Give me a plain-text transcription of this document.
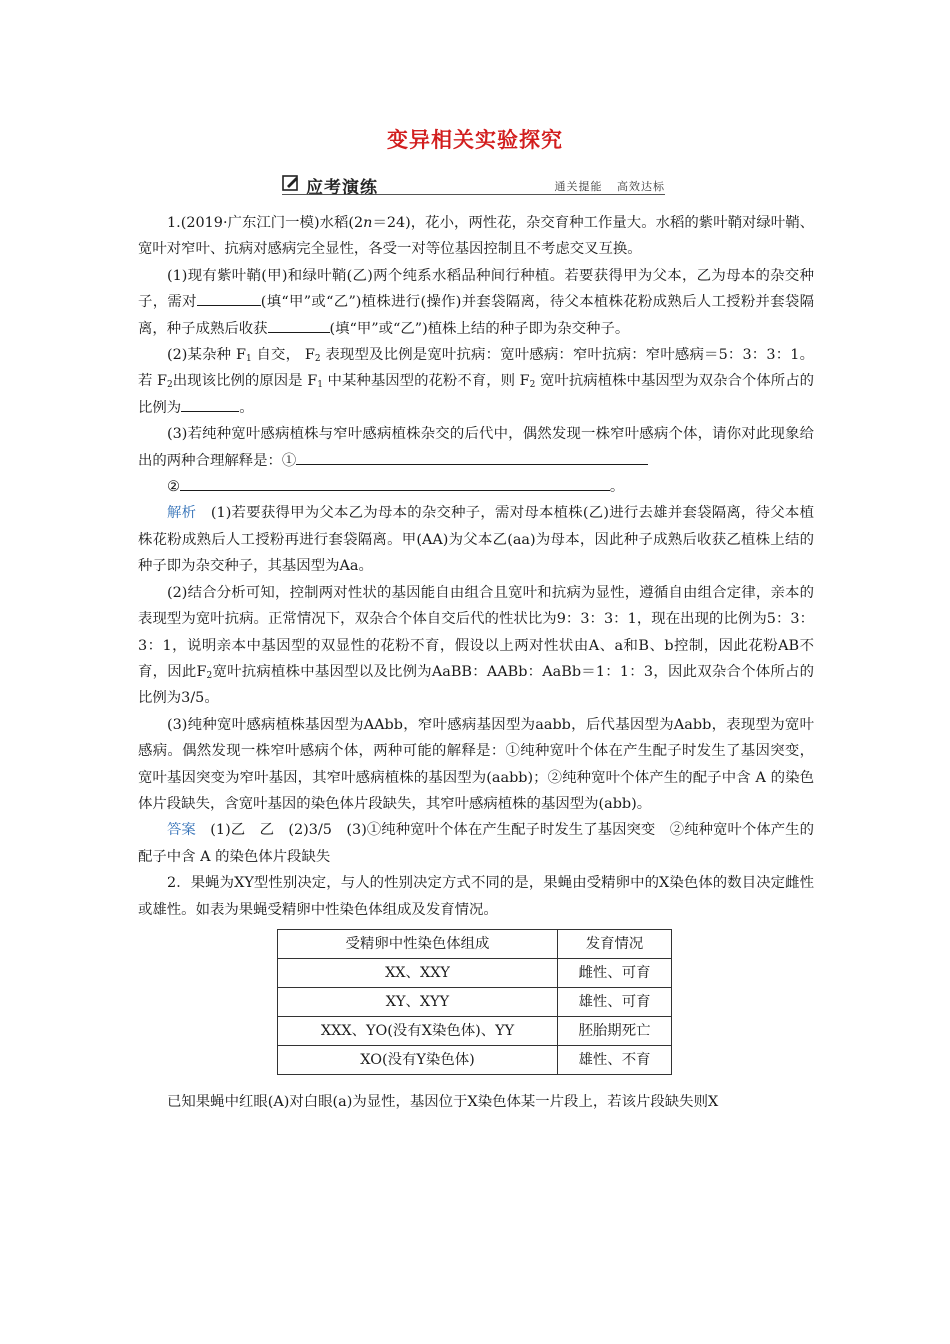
变异相关实验探究
应考演练	通关提能 高效达标

1.(2019·广东江门一模)水稻(2n＝24)，花小，两性花，杂交育种工作量大。水稻的紫叶鞘对绿叶鞘、宽叶对窄叶、抗病对感病完全显性，各受一对等位基因控制且不考虑交叉互换。

(1)现有紫叶鞘(甲)和绿叶鞘(乙)两个纯系水稻品种间行种植。若要获得甲为父本，乙为母本的杂交种子，需对	(填“甲”或“乙”)植株进行(操作)并套袋隔离，待父本植株花粉成熟后人工授粉并套袋隔离，种子成熟后收获	(填“甲”或“乙”)植株上结的种子即为杂交种子。

(2)某杂种 $F_1$ 自交， $F_2$ 表现型及比例是宽叶抗病：宽叶感病：窄叶抗病：窄叶感病＝5：3：3：1。若 $F_2$出现该比例的原因是 $F_1$ 中某种基因型的花粉不育，则 $F_2$ 宽叶抗病植株中基因型为双杂合个体所占的比例为	。

(3)若纯种宽叶感病植株与窄叶感病植株杂交的后代中，偶然发现一株窄叶感病个体，请你对此现象给出的两种合理解释是：①

②	。

解析　 (1)若要获得甲为父本乙为母本的杂交种子，需对母本植株(乙)进行去雄并套袋隔离，待父本植株花粉成熟后人工授粉再进行套袋隔离。甲(AA)为父本乙(aa)为母本，因此种子成熟后收获乙植株上结的种子即为杂交种子，其基因型为Aa。

(2)结合分析可知，控制两对性状的基因能自由组合且宽叶和抗病为显性，遵循自由组合定律，亲本的表现型为宽叶抗病。正常情况下，双杂合个体自交后代的性状比为9：3：3：1，现在出现的比例为5：3：3：1，说明亲本中基因型的双显性的花粉不育，假设以上两对性状由A、a和B、b控制，因此花粉AB不育，因此$F_2$宽叶抗病植株中基因型以及比例为AaBB：AABb：AaBb＝1：1：3，因此双杂合个体所占的比例为3/5。

(3)纯种宽叶感病植株基因型为AAbb，窄叶感病基因型为aabb，后代基因型为Aabb，表现型为宽叶感病。偶然发现一株窄叶感病个体，两种可能的解释是：①纯种宽叶个体在产生配子时发生了基因突变，宽叶基因突变为窄叶基因，其窄叶感病植株的基因型为(aabb)；②纯种宽叶个体产生的配子中含 A 的染色体片段缺失，含宽叶基因的染色体片段缺失，其窄叶感病植株的基因型为(abb)。

答案　 (1)乙　乙　(2)3/5　(3)①纯种宽叶个体在产生配子时发生了基因突变　②纯种宽叶个体产生的配子中含 A 的染色体片段缺失

2．果蝇为XY型性别决定，与人的性别决定方式不同的是，果蝇由受精卵中的X染色体的数目决定雌性或雄性。如表为果蝇受精卵中性染色体组成及发育情况。

受精卵中性染色体组成	发育情况
XX、XXY	雌性、可育
XY、XYY	雄性、可育
XXX、YO(没有X染色体)、YY	胚胎期死亡
XO(没有Y染色体)	雄性、不育

已知果蝇中红眼(A)对白眼(a)为显性，基因位于X染色体某一片段上，若该片段缺失则X
